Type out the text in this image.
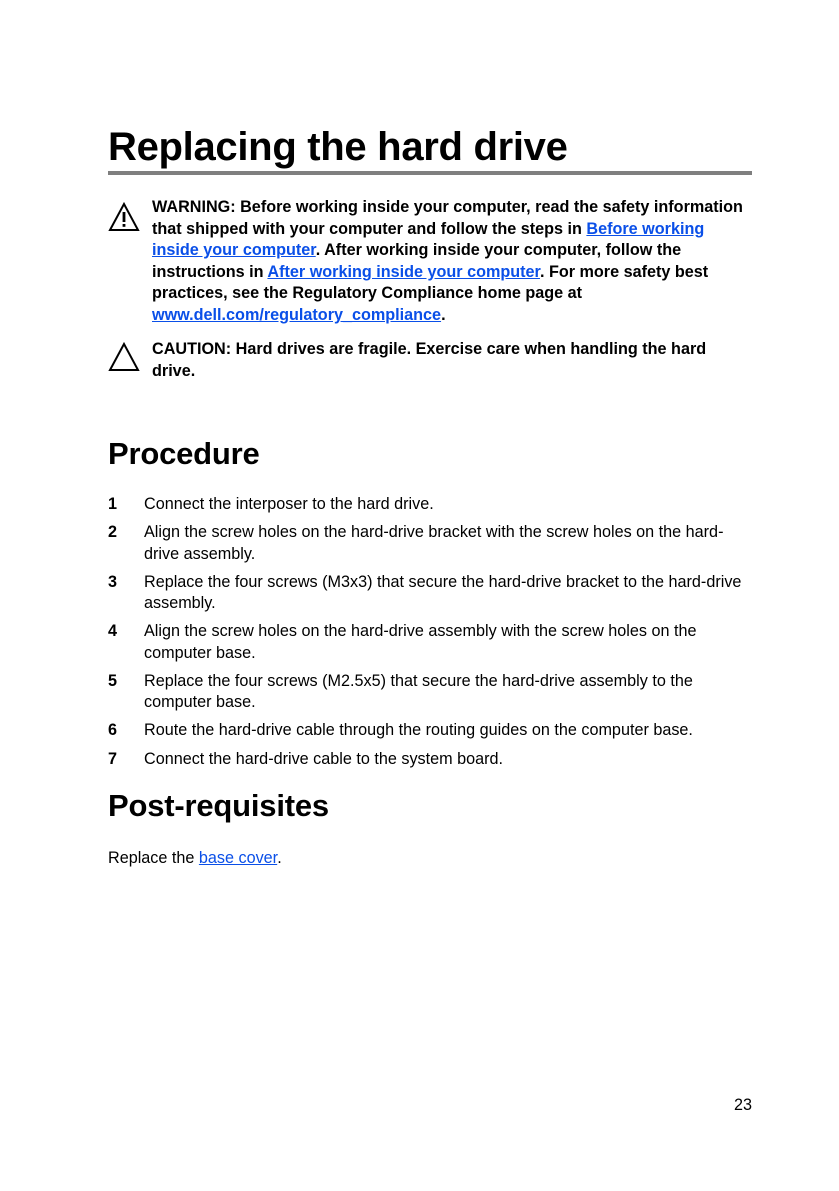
Replacing the hard drive
WARNING: Before working inside your computer, read the safety information that shipped with your computer and follow the steps in Before working inside your computer. After working inside your computer, follow the instructions in After working inside your computer. For more safety best practices, see the Regulatory Compliance home page at www.dell.com/regulatory_compliance.
CAUTION: Hard drives are fragile. Exercise care when handling the hard drive.
Procedure
1 Connect the interposer to the hard drive.
2 Align the screw holes on the hard-drive bracket with the screw holes on the hard-drive assembly.
3 Replace the four screws (M3x3) that secure the hard-drive bracket to the hard-drive assembly.
4 Align the screw holes on the hard-drive assembly with the screw holes on the computer base.
5 Replace the four screws (M2.5x5) that secure the hard-drive assembly to the computer base.
6 Route the hard-drive cable through the routing guides on the computer base.
7 Connect the hard-drive cable to the system board.
Post-requisites

Replace the base cover.

23
